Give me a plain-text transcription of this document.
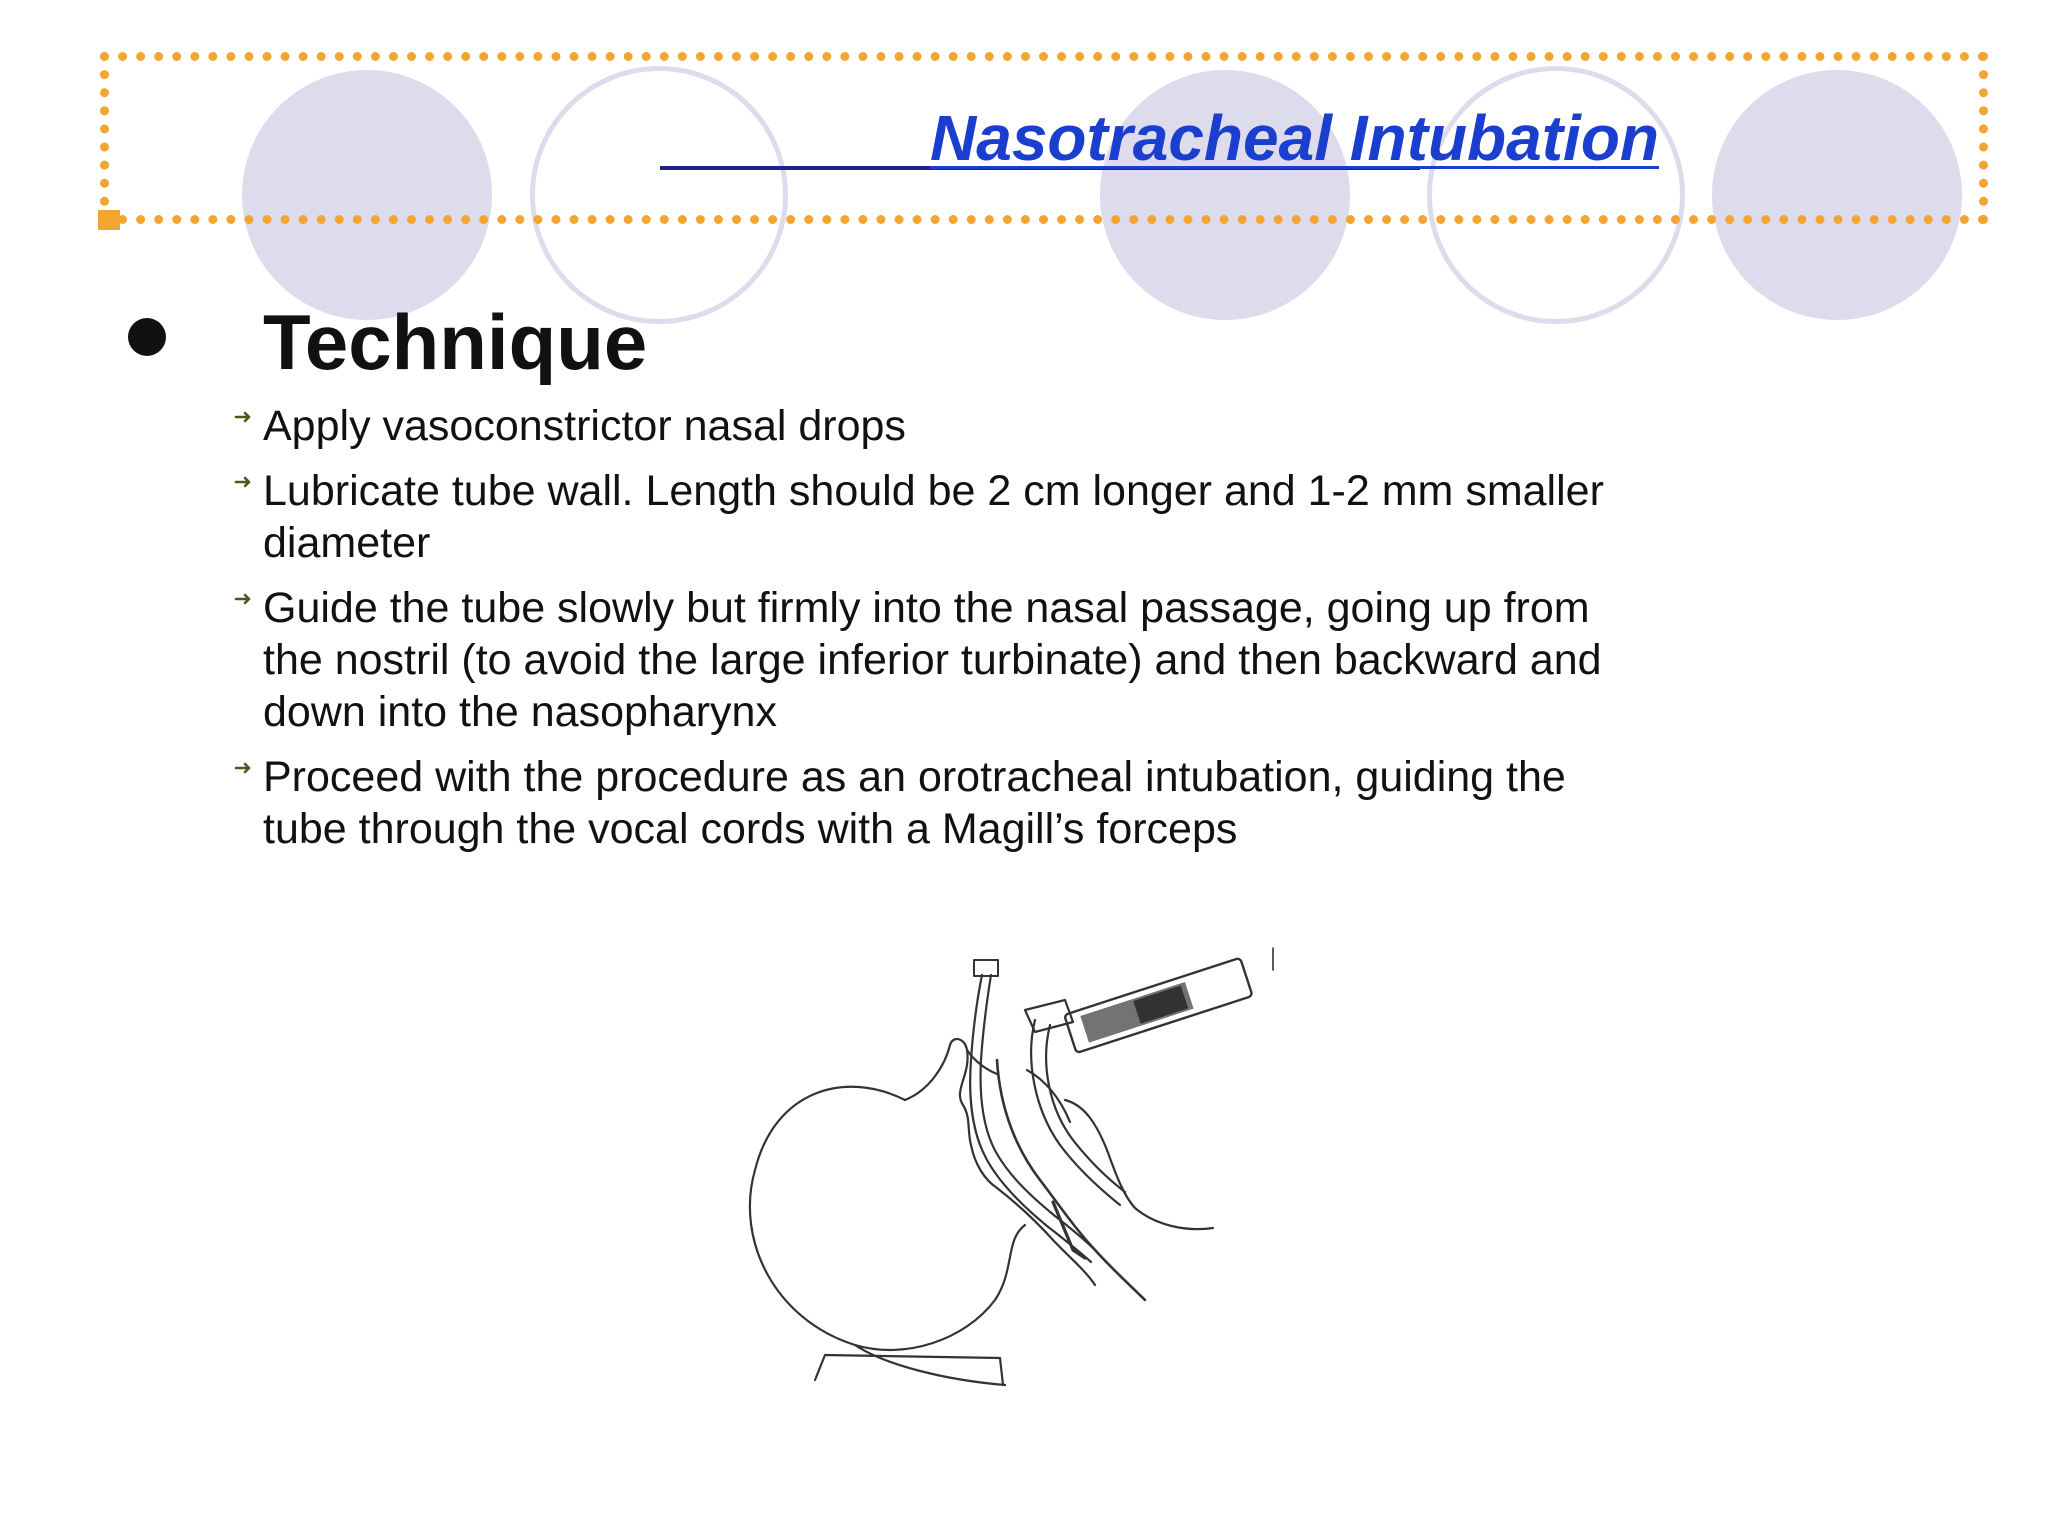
Nasotracheal Intubation
Technique
Apply vasoconstrictor nasal drops
Lubricate tube wall. Length should be 2 cm longer and 1-2 mm smaller diameter
Guide the tube slowly but firmly into the nasal passage, going up from the nostril (to avoid the large inferior turbinate) and then backward and down into the nasopharynx
Proceed with the procedure as an orotracheal intubation, guiding the tube through the vocal cords with a Magill’s forceps
